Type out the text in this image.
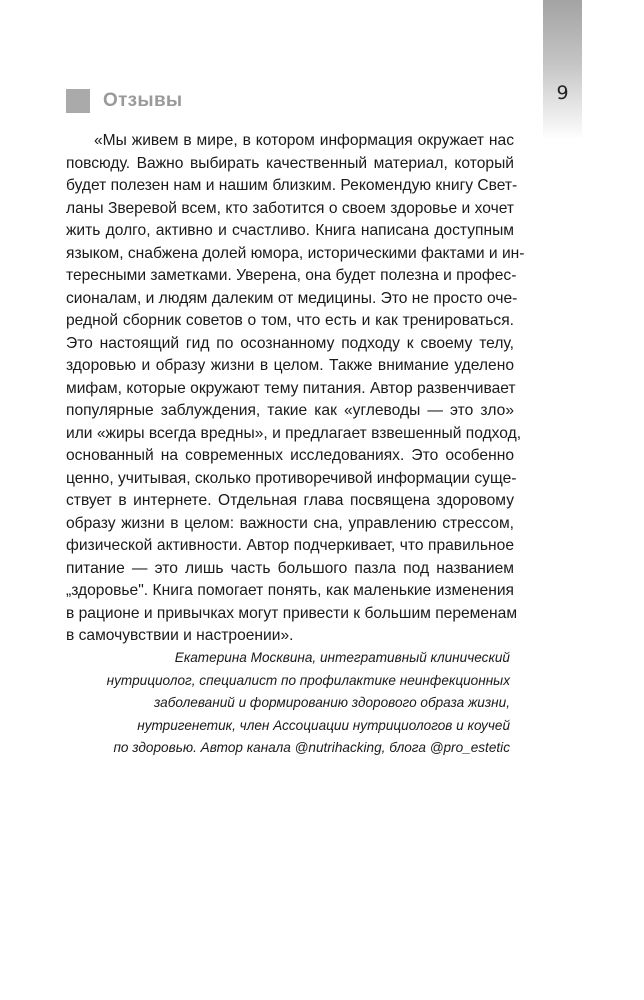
9
Отзывы
«Мы живем в мире, в котором информация окружает нас
повсюду. Важно выбирать качественный материал, который
будет полезен нам и нашим близким. Рекомендую книгу Свет-
ланы Зверевой всем, кто заботится о своем здоровье и хочет
жить долго, активно и счастливо. Книга написана доступным
языком, снабжена долей юмора, историческими фактами и ин-
тересными заметками. Уверена, она будет полезна и профес-
сионалам, и людям далеким от медицины. Это не просто оче-
редной сборник советов о том, что есть и как тренироваться.
Это настоящий гид по осознанному подходу к своему телу,
здоровью и образу жизни в целом. Также внимание уделено
мифам, которые окружают тему питания. Автор развенчивает
популярные заблуждения, такие как «углеводы — это зло»
или «жиры всегда вредны», и предлагает взвешенный подход,
основанный на современных исследованиях. Это особенно
ценно, учитывая, сколько противоречивой информации суще-
ствует в интернете. Отдельная глава посвящена здоровому
образу жизни в целом: важности сна, управлению стрессом,
физической активности. Автор подчеркивает, что правильное
питание — это лишь часть большого пазла под названием
„здоровье". Книга помогает понять, как маленькие изменения
в рационе и привычках могут привести к большим переменам
в самочувствии и настроении».
Екатерина Москвина, интегративный клинический
нутрициолог, специалист по профилактике неинфекционных
заболеваний и формированию здорового образа жизни,
нутригенетик, член Ассоциации нутрициологов и коучей
по здоровью. Автор канала @nutrihacking, блога @pro_estetic
